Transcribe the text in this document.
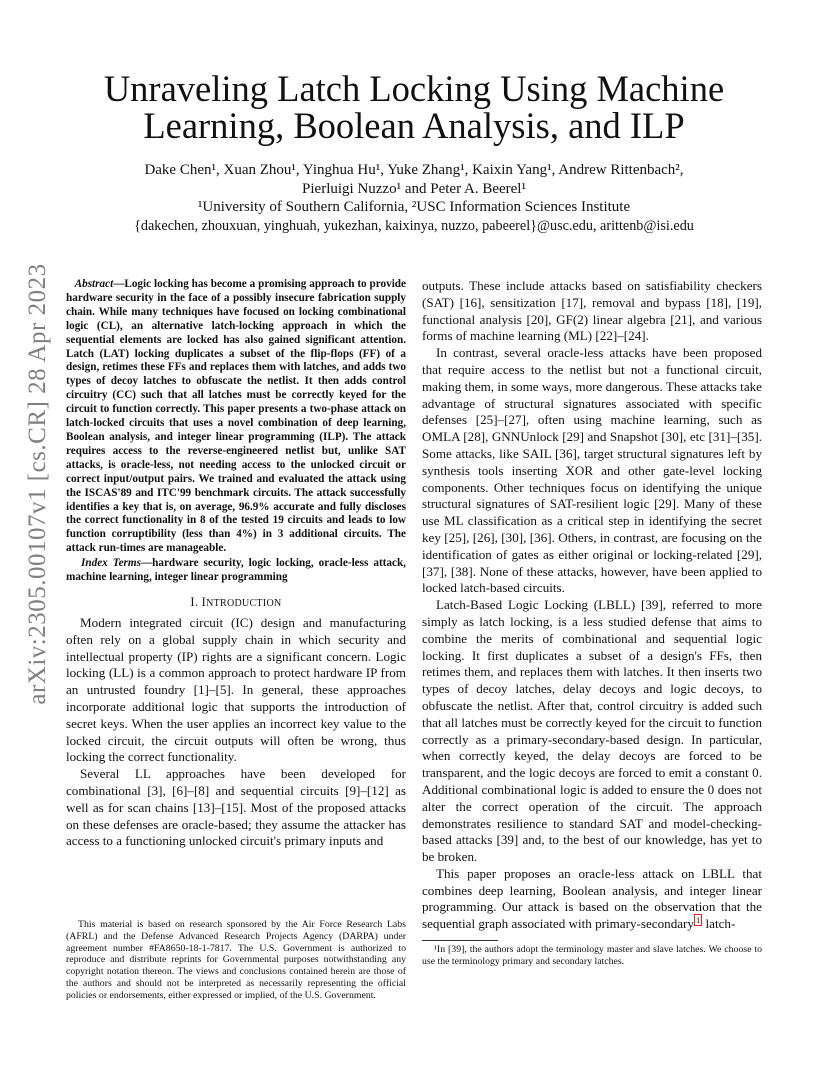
arXiv:2305.00107v1 [cs.CR] 28 Apr 2023
Unraveling Latch Locking Using Machine Learning, Boolean Analysis, and ILP
Dake Chen¹, Xuan Zhou¹, Yinghua Hu¹, Yuke Zhang¹, Kaixin Yang¹, Andrew Rittenbach²,
Pierluigi Nuzzo¹ and Peter A. Beerel¹
¹University of Southern California, ²USC Information Sciences Institute
{dakechen, zhouxuan, yinghuah, yukezhan, kaixinya, nuzzo, pabeerel}@usc.edu, arittenb@isi.edu

Abstract—Logic locking has become a promising approach to provide hardware security in the face of a possibly insecure fabrication supply chain. While many techniques have focused on locking combinational logic (CL), an alternative latch-locking approach in which the sequential elements are locked has also gained significant attention. Latch (LAT) locking duplicates a subset of the flip-flops (FF) of a design, retimes these FFs and replaces them with latches, and adds two types of decoy latches to obfuscate the netlist. It then adds control circuitry (CC) such that all latches must be correctly keyed for the circuit to function correctly. This paper presents a two-phase attack on latch-locked circuits that uses a novel combination of deep learning, Boolean analysis, and integer linear programming (ILP). The attack requires access to the reverse-engineered netlist but, unlike SAT attacks, is oracle-less, not needing access to the unlocked circuit or correct input/output pairs. We trained and evaluated the attack using the ISCAS'89 and ITC'99 benchmark circuits. The attack successfully identifies a key that is, on average, 96.9% accurate and fully discloses the correct functionality in 8 of the tested 19 circuits and leads to low function corruptibility (less than 4%) in 3 additional circuits. The attack run-times are manageable.

Index Terms—hardware security, logic locking, oracle-less attack, machine learning, integer linear programming

I. INTRODUCTION

Modern integrated circuit (IC) design and manufacturing often rely on a global supply chain in which security and intellectual property (IP) rights are a significant concern. Logic locking (LL) is a common approach to protect hardware IP from an untrusted foundry [1]–[5]. In general, these approaches incorporate additional logic that supports the introduction of secret keys. When the user applies an incorrect key value to the locked circuit, the circuit outputs will often be wrong, thus locking the correct functionality.

Several LL approaches have been developed for combinational [3], [6]–[8] and sequential circuits [9]–[12] as well as for scan chains [13]–[15]. Most of the proposed attacks on these defenses are oracle-based; they assume the attacker has access to a functioning unlocked circuit's primary inputs and

This material is based on research sponsored by the Air Force Research Labs (AFRL) and the Defense Advanced Research Projects Agency (DARPA) under agreement number #FA8650-18-1-7817. The U.S. Government is authorized to reproduce and distribute reprints for Governmental purposes notwithstanding any copyright notation thereon. The views and conclusions contained herein are those of the authors and should not be interpreted as necessarily representing the official policies or endorsements, either expressed or implied, of the U.S. Government.

outputs. These include attacks based on satisfiability checkers (SAT) [16], sensitization [17], removal and bypass [18], [19], functional analysis [20], GF(2) linear algebra [21], and various forms of machine learning (ML) [22]–[24].

In contrast, several oracle-less attacks have been proposed that require access to the netlist but not a functional circuit, making them, in some ways, more dangerous. These attacks take advantage of structural signatures associated with specific defenses [25]–[27], often using machine learning, such as OMLA [28], GNNUnlock [29] and Snapshot [30], etc [31]–[35]. Some attacks, like SAIL [36], target structural signatures left by synthesis tools inserting XOR and other gate-level locking components. Other techniques focus on identifying the unique structural signatures of SAT-resilient logic [29]. Many of these use ML classification as a critical step in identifying the secret key [25], [26], [30], [36]. Others, in contrast, are focusing on the identification of gates as either original or locking-related [29], [37], [38]. None of these attacks, however, have been applied to locked latch-based circuits.

Latch-Based Logic Locking (LBLL) [39], referred to more simply as latch locking, is a less studied defense that aims to combine the merits of combinational and sequential logic locking. It first duplicates a subset of a design's FFs, then retimes them, and replaces them with latches. It then inserts two types of decoy latches, delay decoys and logic decoys, to obfuscate the netlist. After that, control circuitry is added such that all latches must be correctly keyed for the circuit to function correctly as a primary-secondary-based design. In particular, when correctly keyed, the delay decoys are forced to be transparent, and the logic decoys are forced to emit a constant 0. Additional combinational logic is added to ensure the 0 does not alter the correct operation of the circuit. The approach demonstrates resilience to standard SAT and model-checking-based attacks [39] and, to the best of our knowledge, has yet to be broken.

This paper proposes an oracle-less attack on LBLL that combines deep learning, Boolean analysis, and integer linear programming. Our attack is based on the observation that the sequential graph associated with primary-secondary $^1$ latch-

¹In [39], the authors adopt the terminology master and slave latches. We choose to use the terminology primary and secondary latches.
